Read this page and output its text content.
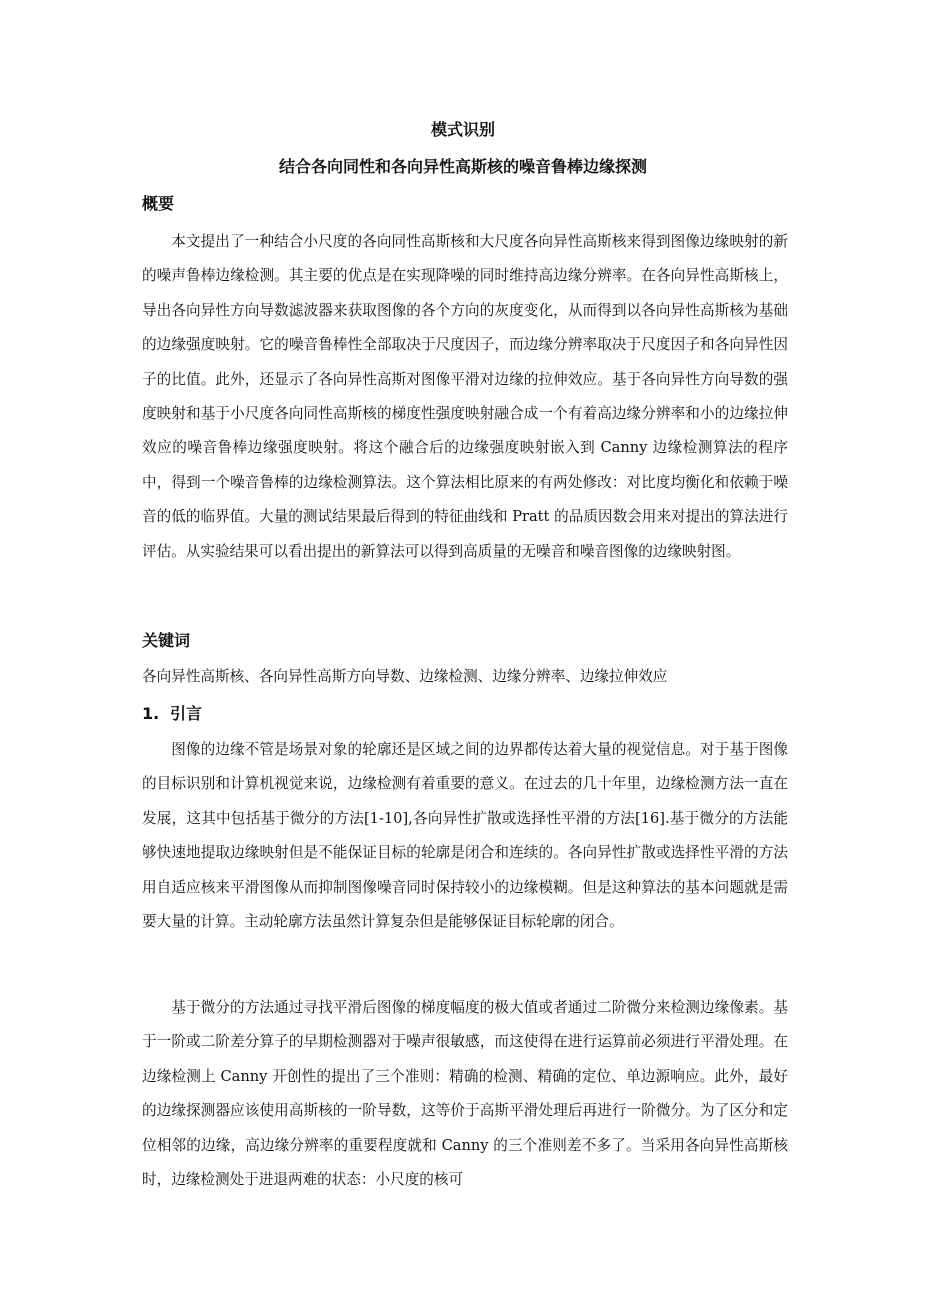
模式识别

结合各向同性和各向异性高斯核的噪音鲁棒边缘探测

概要

本文提出了一种结合小尺度的各向同性高斯核和大尺度各向异性高斯核来得到图像边缘映射的新的噪声鲁棒边缘检测。其主要的优点是在实现降噪的同时维持高边缘分辨率。在各向异性高斯核上，导出各向异性方向导数滤波器来获取图像的各个方向的灰度变化，从而得到以各向异性高斯核为基础的边缘强度映射。它的噪音鲁棒性全部取决于尺度因子，而边缘分辨率取决于尺度因子和各向异性因子的比值。此外，还显示了各向异性高斯对图像平滑对边缘的拉伸效应。基于各向异性方向导数的强度映射和基于小尺度各向同性高斯核的梯度性强度映射融合成一个有着高边缘分辨率和小的边缘拉伸效应的噪音鲁棒边缘强度映射。将这个融合后的边缘强度映射嵌入到 Canny 边缘检测算法的程序中，得到一个噪音鲁棒的边缘检测算法。这个算法相比原来的有两处修改：对比度均衡化和依赖于噪音的低的临界值。大量的测试结果最后得到的特征曲线和 Pratt 的品质因数会用来对提出的算法进行评估。从实验结果可以看出提出的新算法可以得到高质量的无噪音和噪音图像的边缘映射图。

关键词

各向异性高斯核、各向异性高斯方向导数、边缘检测、边缘分辨率、边缘拉伸效应

1. 引言

图像的边缘不管是场景对象的轮廓还是区域之间的边界都传达着大量的视觉信息。对于基于图像的目标识别和计算机视觉来说，边缘检测有着重要的意义。在过去的几十年里，边缘检测方法一直在发展，这其中包括基于微分的方法[1-10],各向异性扩散或选择性平滑的方法[16].基于微分的方法能够快速地提取边缘映射但是不能保证目标的轮廓是闭合和连续的。各向异性扩散或选择性平滑的方法用自适应核来平滑图像从而抑制图像噪音同时保持较小的边缘模糊。但是这种算法的基本问题就是需要大量的计算。主动轮廓方法虽然计算复杂但是能够保证目标轮廓的闭合。

基于微分的方法通过寻找平滑后图像的梯度幅度的极大值或者通过二阶微分来检测边缘像素。基于一阶或二阶差分算子的早期检测器对于噪声很敏感，而这使得在进行运算前必须进行平滑处理。在边缘检测上 Canny 开创性的提出了三个准则：精确的检测、精确的定位、单边源响应。此外，最好的边缘探测器应该使用高斯核的一阶导数，这等价于高斯平滑处理后再进行一阶微分。为了区分和定位相邻的边缘，高边缘分辨率的重要程度就和 Canny 的三个准则差不多了。当采用各向异性高斯核时，边缘检测处于进退两难的状态：小尺度的核可
